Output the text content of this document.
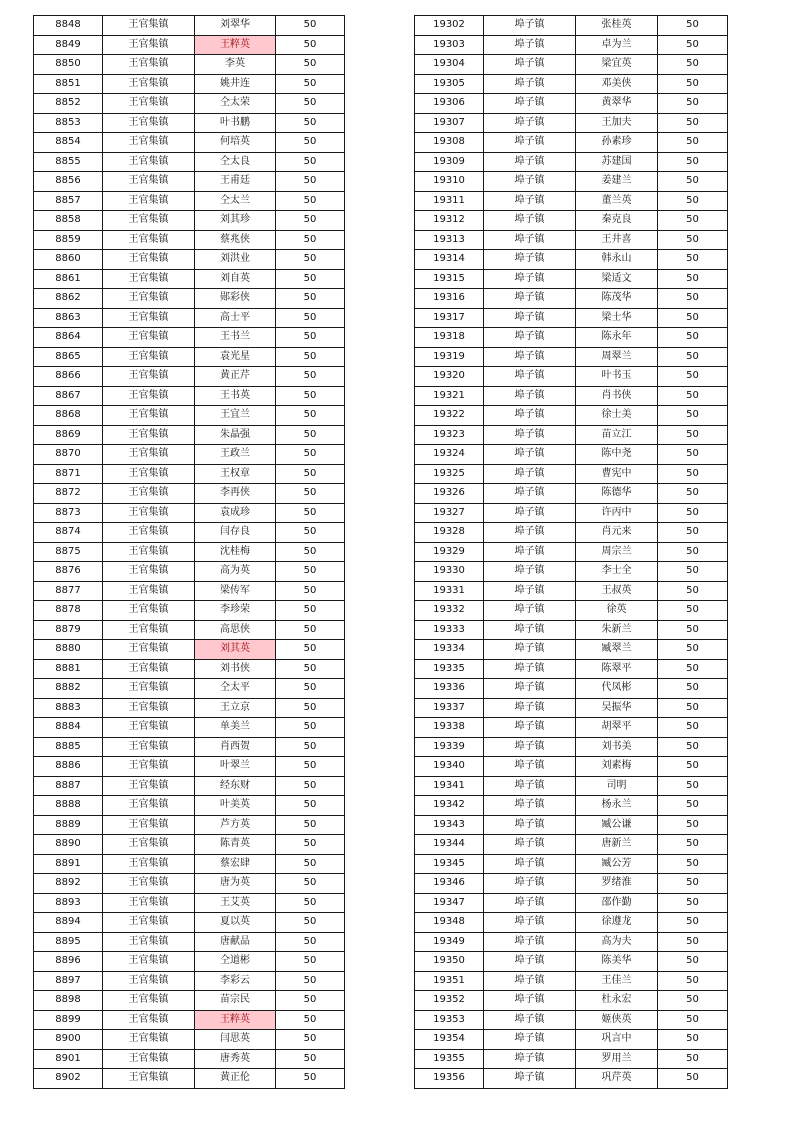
8848	王官集镇	刘翠华	50
8849	王官集镇	王粹英	50
8850	王官集镇	李英	50
8851	王官集镇	姚井连	50
8852	王官集镇	仝太荣	50
8853	王官集镇	叶书鹏	50
8854	王官集镇	何培英	50
8855	王官集镇	仝太良	50
8856	王官集镇	王甫廷	50
8857	王官集镇	仝太兰	50
8858	王官集镇	刘其珍	50
8859	王官集镇	蔡兆侠	50
8860	王官集镇	刘洪业	50
8861	王官集镇	刘自英	50
8862	王官集镇	郧彩侠	50
8863	王官集镇	高士平	50
8864	王官集镇	王书兰	50
8865	王官集镇	袁光星	50
8866	王官集镇	黄正芹	50
8867	王官集镇	王书英	50
8868	王官集镇	王宜兰	50
8869	王官集镇	朱晶强	50
8870	王官集镇	王政兰	50
8871	王官集镇	王权章	50
8872	王官集镇	李再侠	50
8873	王官集镇	袁成珍	50
8874	王官集镇	闫存良	50
8875	王官集镇	沈桂梅	50
8876	王官集镇	高为英	50
8877	王官集镇	梁传军	50
8878	王官集镇	李珍荣	50
8879	王官集镇	高思侠	50
8880	王官集镇	刘其英	50
8881	王官集镇	刘书侠	50
8882	王官集镇	仝太平	50
8883	王官集镇	王立京	50
8884	王官集镇	单美兰	50
8885	王官集镇	肖西贺	50
8886	王官集镇	叶翠兰	50
8887	王官集镇	经东财	50
8888	王官集镇	叶美英	50
8889	王官集镇	芦方英	50
8890	王官集镇	陈青英	50
8891	王官集镇	蔡宏肆	50
8892	王官集镇	唐为英	50
8893	王官集镇	王艾英	50
8894	王官集镇	夏以英	50
8895	王官集镇	唐献品	50
8896	王官集镇	仝道彬	50
8897	王官集镇	李彩云	50
8898	王官集镇	苗宗民	50
8899	王官集镇	王粹英	50
8900	王官集镇	闫思英	50
8901	王官集镇	唐秀英	50
8902	王官集镇	黄正伦	50
19302	埠子镇	张桂英	50
19303	埠子镇	卓为兰	50
19304	埠子镇	梁宜英	50
19305	埠子镇	邓美侠	50
19306	埠子镇	黄翠华	50
19307	埠子镇	王加夫	50
19308	埠子镇	孙素珍	50
19309	埠子镇	苏建国	50
19310	埠子镇	姜建兰	50
19311	埠子镇	董兰英	50
19312	埠子镇	秦克良	50
19313	埠子镇	王井喜	50
19314	埠子镇	韩永山	50
19315	埠子镇	梁适文	50
19316	埠子镇	陈茂华	50
19317	埠子镇	梁士华	50
19318	埠子镇	陈永年	50
19319	埠子镇	周翠兰	50
19320	埠子镇	叶书玉	50
19321	埠子镇	肖书侠	50
19322	埠子镇	徐士美	50
19323	埠子镇	苗立江	50
19324	埠子镇	陈中尧	50
19325	埠子镇	曹宪中	50
19326	埠子镇	陈德华	50
19327	埠子镇	许丙中	50
19328	埠子镇	肖元来	50
19329	埠子镇	周宗兰	50
19330	埠子镇	李士全	50
19331	埠子镇	王叔英	50
19332	埠子镇	徐英	50
19333	埠子镇	朱新兰	50
19334	埠子镇	臧翠兰	50
19335	埠子镇	陈翠平	50
19336	埠子镇	代凤彬	50
19337	埠子镇	吴振华	50
19338	埠子镇	胡翠平	50
19339	埠子镇	刘书美	50
19340	埠子镇	刘素梅	50
19341	埠子镇	司明	50
19342	埠子镇	杨永兰	50
19343	埠子镇	臧公谦	50
19344	埠子镇	唐新兰	50
19345	埠子镇	臧公芳	50
19346	埠子镇	罗绪淮	50
19347	埠子镇	邵作勤	50
19348	埠子镇	徐遵龙	50
19349	埠子镇	高为夫	50
19350	埠子镇	陈美华	50
19351	埠子镇	王佳兰	50
19352	埠子镇	杜永宏	50
19353	埠子镇	姬侠英	50
19354	埠子镇	巩言中	50
19355	埠子镇	罗用兰	50
19356	埠子镇	巩芹英	50
